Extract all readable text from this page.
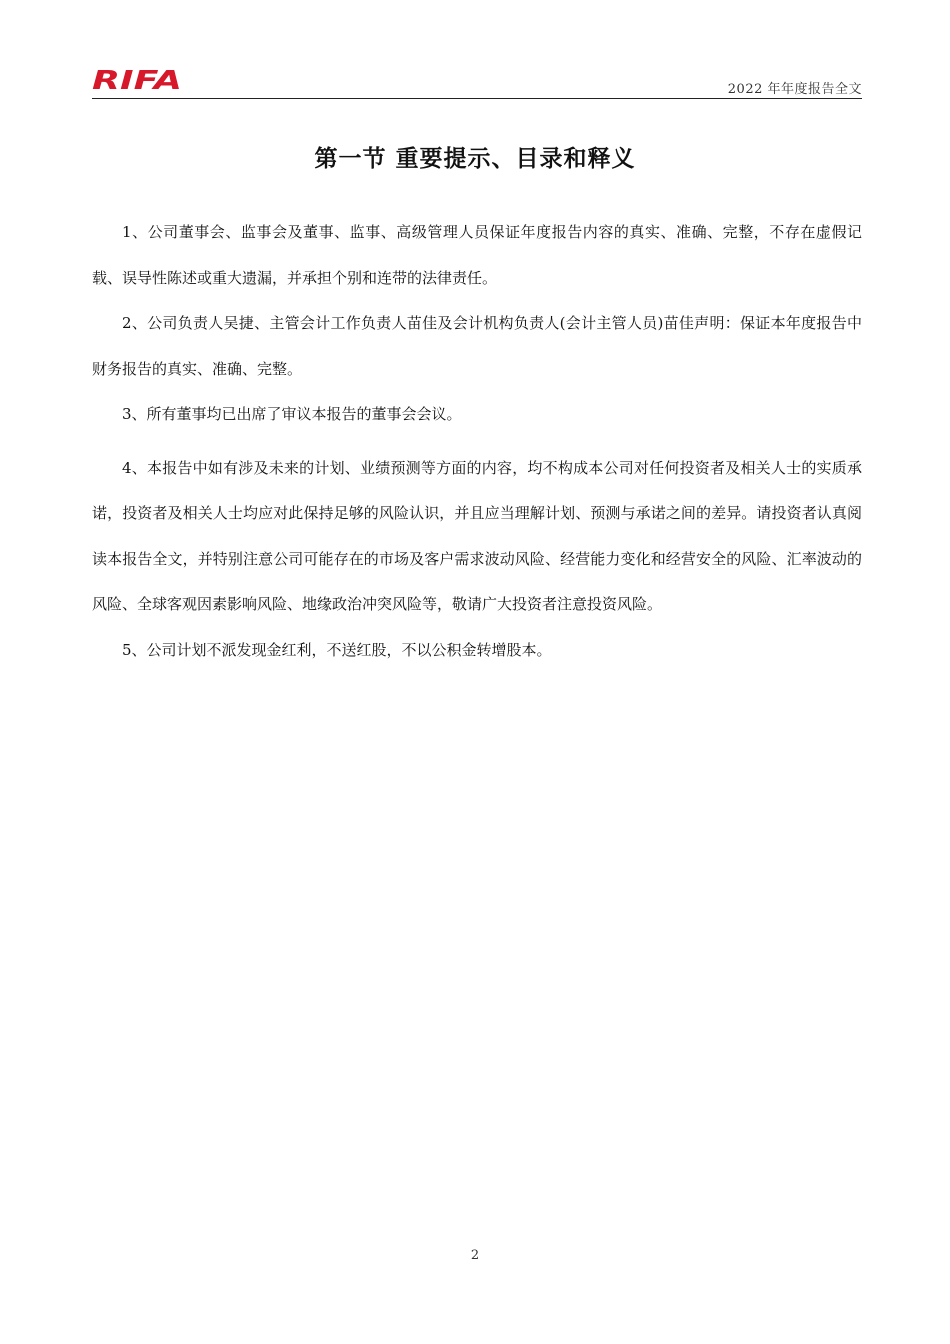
RIFA	2022 年年度报告全文
第一节 重要提示、目录和释义

1、公司董事会、监事会及董事、监事、高级管理人员保证年度报告内容的真实、准确、完整，不存在虚假记载、误导性陈述或重大遗漏，并承担个别和连带的法律责任。

2、公司负责人吴捷、主管会计工作负责人苗佳及会计机构负责人(会计主管人员)苗佳声明：保证本年度报告中财务报告的真实、准确、完整。

3、所有董事均已出席了审议本报告的董事会会议。

4、本报告中如有涉及未来的计划、业绩预测等方面的内容，均不构成本公司对任何投资者及相关人士的实质承诺，投资者及相关人士均应对此保持足够的风险认识，并且应当理解计划、预测与承诺之间的差异。请投资者认真阅读本报告全文，并特别注意公司可能存在的市场及客户需求波动风险、经营能力变化和经营安全的风险、汇率波动的风险、全球客观因素影响风险、地缘政治冲突风险等，敬请广大投资者注意投资风险。

5、公司计划不派发现金红利，不送红股，不以公积金转增股本。

2
